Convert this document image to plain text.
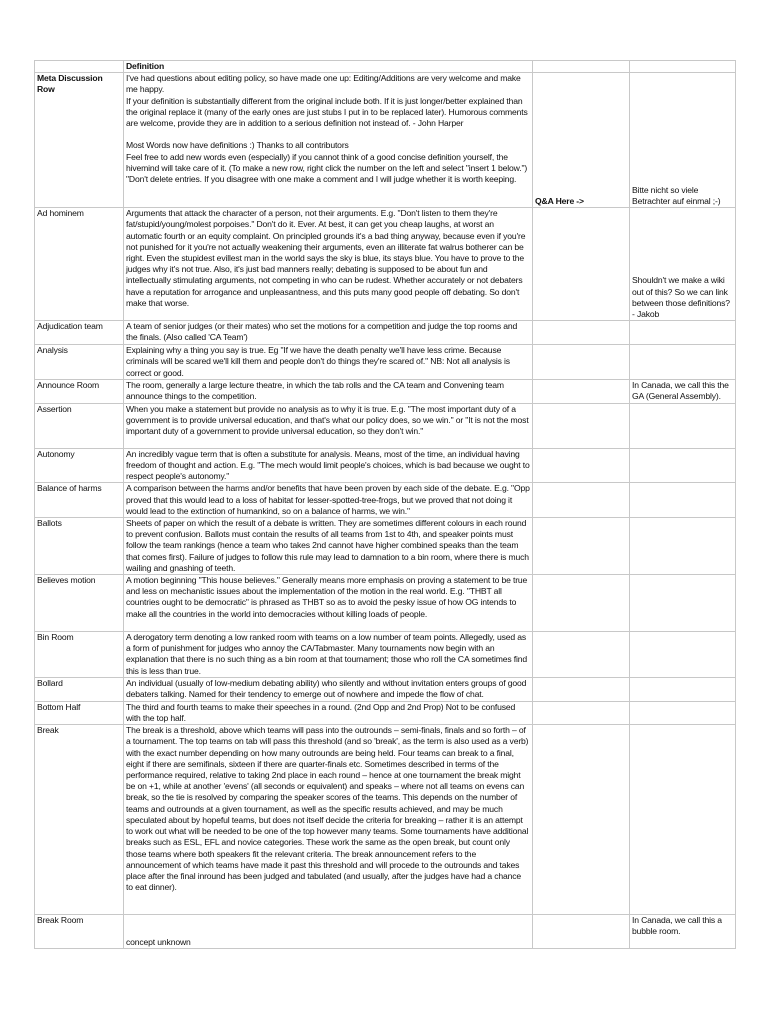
	Definition		
Meta Discussion Row	I've had questions about editing policy, so have made one up: Editing/Additions are very welcome and make me happy.
If your definition is substantially different from the original include both. If it is just longer/better explained than the original replace it (many of the early ones are just stubs I put in to be replaced later). Humorous comments are welcome, provide they are in addition to a serious definition not instead of. - John Harper

Most Words now have definitions :) Thanks to all contributors
Feel free to add new words even (especially) if you cannot think of a good concise definition yourself, the hivemind will take care of it. (To make a new row, right click the number on the left and select "insert 1 below.")
"Don't delete entries. If you disagree with one make a comment and I will judge whether it is worth keeping.	Q&A Here ->	Bitte nicht so viele Betrachter auf einmal ;-)
Ad hominem	Arguments that attack the character of a person, not their arguments. E.g. "Don't listen to them they're fat/stupid/young/molest porpoises." Don't do it. Ever. At best, it can get you cheap laughs, at worst an automatic fourth or an equity complaint. On principled grounds it's a bad thing anyway, because even if you're not punished for it you're not actually weakening their arguments, even an illiterate fat walrus botherer can be right. Even the stupidest evillest man in the world says the sky is blue, its stays blue. You have to prove to the judges why it's not true. Also, it's just bad manners really; debating is supposed to be about fun and intellectually stimulating arguments, not competing in who can be rudest. Whether accurately or not debaters have a reputation for arrogance and unpleasantness, and this puts many good people off debating. So don't make that worse.		Shouldn't we make a wiki out of this? So we can link between those definitions? - Jakob
Adjudication team	A team of senior judges (or their mates) who set the motions for a competition and judge the top rooms and the finals. (Also called 'CA Team')		
Analysis	Explaining why a thing you say is true. Eg "If we have the death penalty we'll have less crime. Because criminals will be scared we'll kill them and people don't do things they're scared of." NB: Not all analysis is correct or good.		
Announce Room	The room, generally a large lecture theatre, in which the tab rolls and the CA team and Convening team announce things to the competition.		In Canada, we call this the GA (General Assembly).
Assertion	When you make a statement but provide no analysis as to why it is true. E.g. "The most important duty of a government is to provide universal education, and that's what our policy does, so we win." or "It is not the most important duty of a government to provide universal education, so they don't win."		
Autonomy	An incredibly vague term that is often a substitute for analysis. Means, most of the time, an individual having freedom of thought and action. E.g. "The mech would limit people's choices, which is bad because we ought to respect people's autonomy."		
Balance of harms	A comparison between the harms and/or benefits that have been proven by each side of the debate. E.g. "Opp proved that this would lead to a loss of habitat for lesser-spotted-tree-frogs, but we proved that not doing it would lead to the extinction of humankind, so on a balance of harms, we win."		
Ballots	Sheets of paper on which the result of a debate is written. They are sometimes different colours in each round to prevent confusion. Ballots must contain the results of all teams from 1st to 4th, and speaker points must follow the team rankings (hence a team who takes 2nd cannot have higher combined speaks than the team that comes first). Failure of judges to follow this rule may lead to damnation to a bin room, where there is much wailing and gnashing of teeth.		
Believes motion	A motion beginning "This house believes." Generally means more emphasis on proving a statement to be true and less on mechanistic issues about the implementation of the motion in the real world. E.g. "THBT all countries ought to be democratic" is phrased as THBT so as to avoid the pesky issue of how OG intends to make all the countries in the world into democracies without killing loads of people.		
Bin Room	A derogatory term denoting a low ranked room with teams on a low number of team points. Allegedly, used as a form of punishment for judges who annoy the CA/Tabmaster. Many tournaments now begin with an explanation that there is no such thing as a bin room at that tournament; those who roll the CA sometimes find this is less than true.		
Bollard	An individual (usually of low-medium debating ability) who silently and without invitation enters groups of good debaters talking. Named for their tendency to emerge out of nowhere and impede the flow of chat.		
Bottom Half	The third and fourth teams to make their speeches in a round. (2nd Opp and 2nd Prop) Not to be confused with the top half.		
Break	The break is a threshold, above which teams will pass into the outrounds – semi-finals, finals and so forth – of a tournament. The top teams on tab will pass this threshold (and so 'break', as the term is also used as a verb) with the exact number depending on how many outrounds are being held. Four teams can break to a final, eight if there are semifinals, sixteen if there are quarter-finals etc. Sometimes described in terms of the performance required, relative to taking 2nd place in each round – hence at one tournament the break might be on +1, while at another 'evens' (all seconds or equivalent) and speaks – where not all teams on evens can break, so the tie is resolved by comparing the speaker scores of the teams. This depends on the number of teams and outrounds at a given tournament, as well as the specific results achieved, and may be much speculated about by hopeful teams, but does not itself decide the criteria for breaking – rather it is an attempt to work out what will be needed to be one of the top however many teams. Some tournaments have additional breaks such as ESL, EFL and novice categories. These work the same as the open break, but count only those teams where both speakers fit the relevant criteria. The break announcement refers to the announcement of which teams have made it past this threshold and will procede to the outrounds and takes place after the final inround has been judged and tabulated (and usually, after the judges have had a chance to eat dinner).		
Break Room	concept unknown		In Canada, we call this a bubble room.
